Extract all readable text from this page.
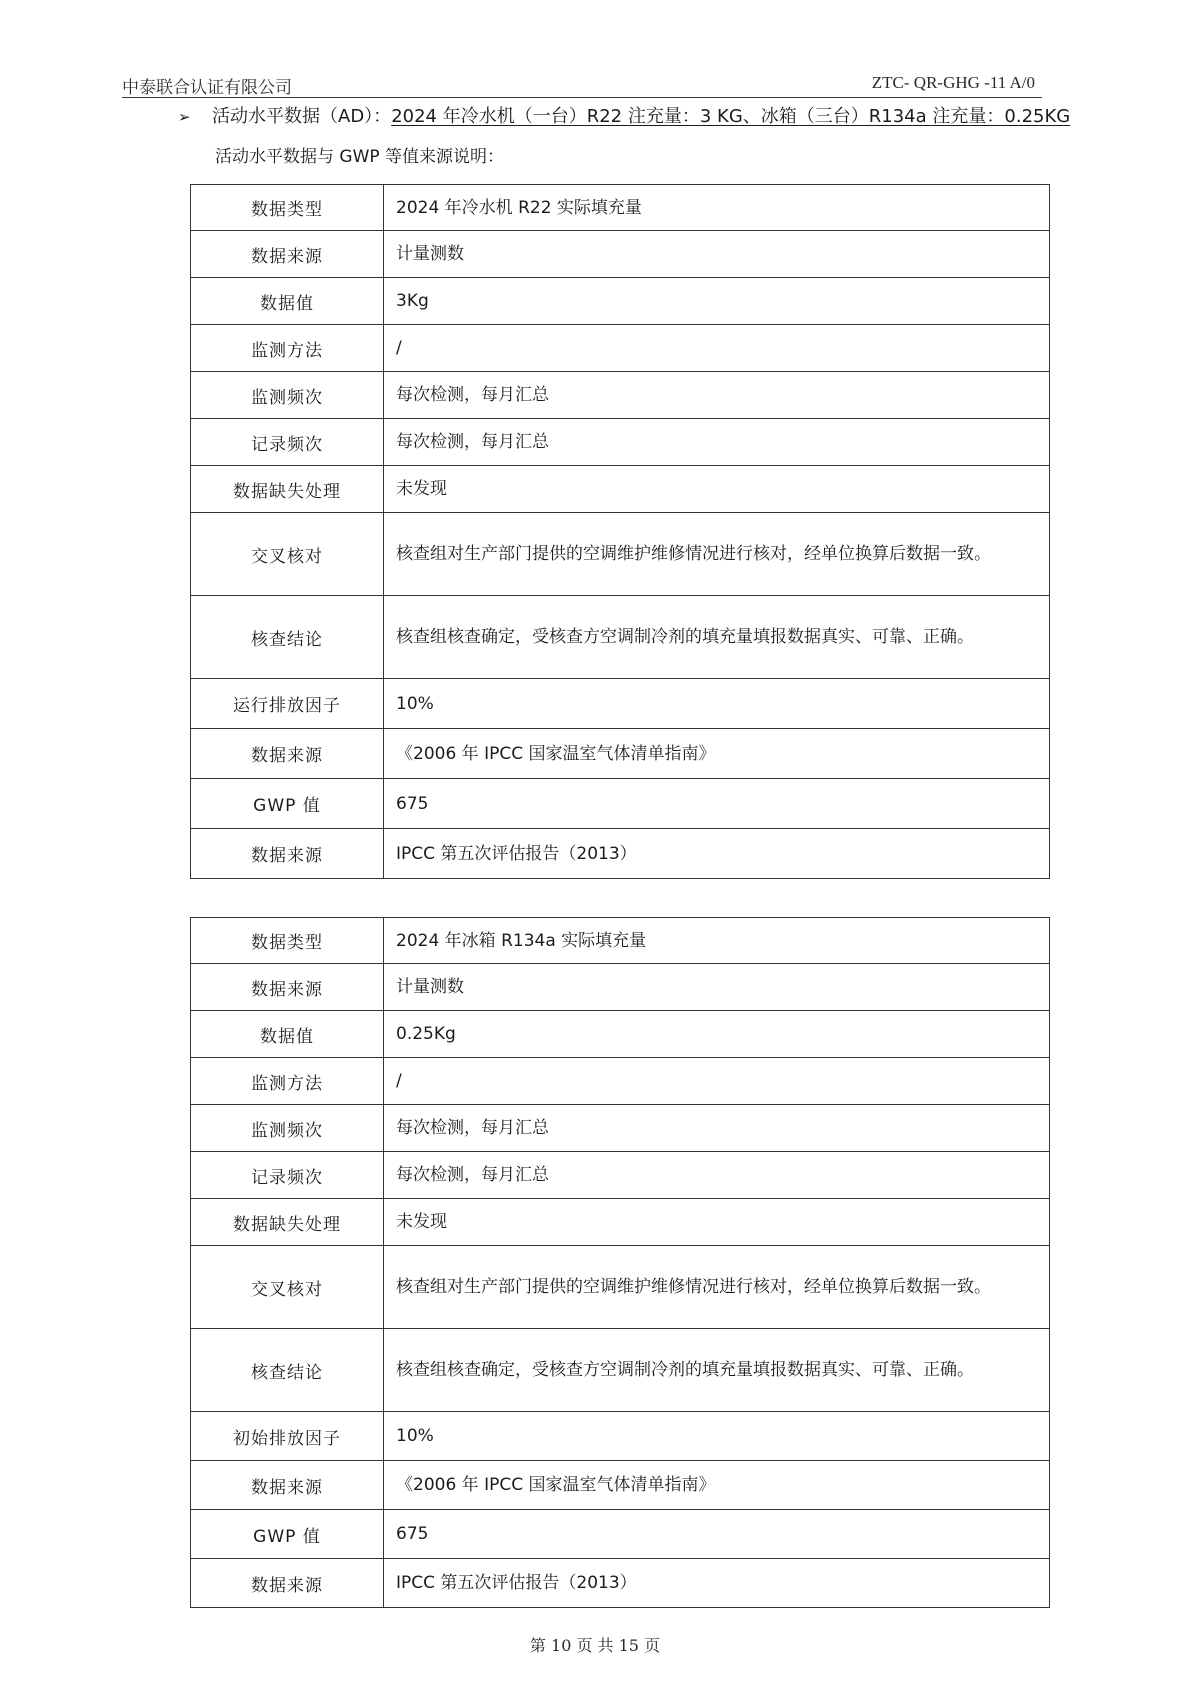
中泰联合认证有限公司	ZTC- QR-GHG -11 A/0
➢ 活动水平数据（AD）：2024 年冷水机（一台）R22 注充量：3 KG、冰箱（三台）R134a 注充量：0.25KG
活动水平数据与 GWP 等值来源说明：
数据类型	2024 年冷水机 R22 实际填充量
数据来源	计量测数
数据值	3Kg
监测方法	/
监测频次	每次检测，每月汇总
记录频次	每次检测，每月汇总
数据缺失处理	未发现
交叉核对	核查组对生产部门提供的空调维护维修情况进行核对，经单位换算后数据一致。
核查结论	核查组核查确定，受核查方空调制冷剂的填充量填报数据真实、可靠、正确。
运行排放因子	10%
数据来源	《2006 年 IPCC 国家温室气体清单指南》
GWP 值	675
数据来源	IPCC 第五次评估报告（2013）
数据类型	2024 年冰箱 R134a 实际填充量
数据来源	计量测数
数据值	0.25Kg
监测方法	/
监测频次	每次检测，每月汇总
记录频次	每次检测，每月汇总
数据缺失处理	未发现
交叉核对	核查组对生产部门提供的空调维护维修情况进行核对，经单位换算后数据一致。
核查结论	核查组核查确定，受核查方空调制冷剂的填充量填报数据真实、可靠、正确。
初始排放因子	10%
数据来源	《2006 年 IPCC 国家温室气体清单指南》
GWP 值	675
数据来源	IPCC 第五次评估报告（2013）
第 10 页 共 15 页
